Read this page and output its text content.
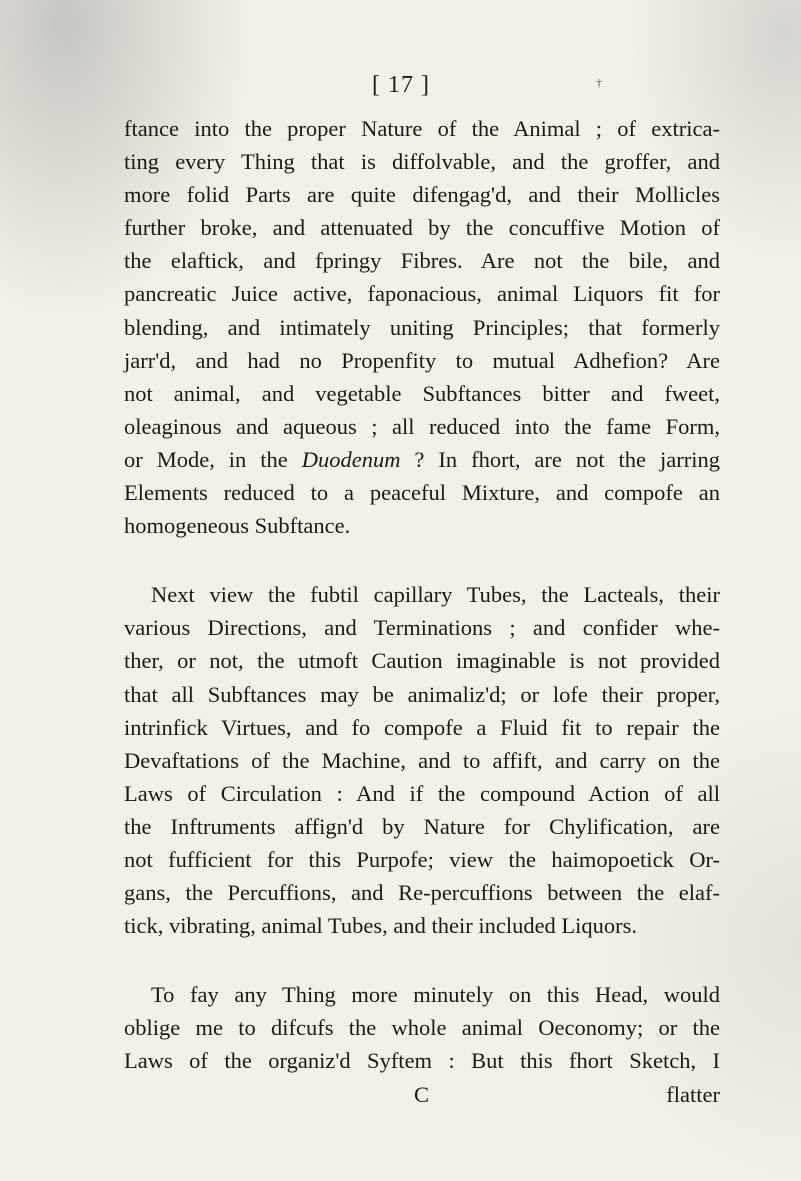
[ 17 ]	†
ftance into the proper Nature of the Animal ; of extrica-
ting every Thing that is diffolvable, and the groffer, and
more folid Parts are quite difengag'd, and their Mollicles
further broke, and attenuated by the concuffive Motion of
the elaftick, and fpringy Fibres. Are not the bile, and
pancreatic Juice active, faponacious, animal Liquors fit for
blending, and intimately uniting Principles; that formerly
jarr'd, and had no Propenfity to mutual Adhefion? Are
not animal, and vegetable Subftances bitter and fweet,
oleaginous and aqueous ; all reduced into the fame Form,
or Mode, in the Duodenum ? In fhort, are not the jarring
Elements reduced to a peaceful Mixture, and compofe an
homogeneous Subftance.
Next view the fubtil capillary Tubes, the Lacteals, their
various Directions, and Terminations ; and confider whe-
ther, or not, the utmoft Caution imaginable is not provided
that all Subftances may be animaliz'd; or lofe their proper,
intrinfick Virtues, and fo compofe a Fluid fit to repair the
Devaftations of the Machine, and to affift, and carry on the
Laws of Circulation : And if the compound Action of all
the Inftruments affign'd by Nature for Chylification, are
not fufficient for this Purpofe; view the haimopoetick Or-
gans, the Percuffions, and Re-percuffions between the elaf-
tick, vibrating, animal Tubes, and their included Liquors.
To fay any Thing more minutely on this Head, would
oblige me to difcufs the whole animal Oeconomy; or the
Laws of the organiz'd Syftem : But this fhort Sketch, I
C	flatter
